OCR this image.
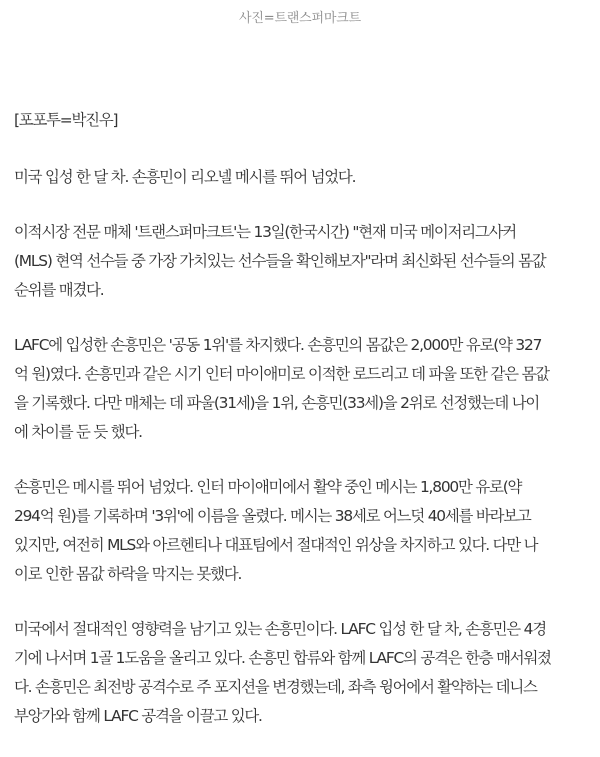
사진=트랜스퍼마크트

[포포투=박진우]

미국 입성 한 달 차. 손흥민이 리오넬 메시를 뛰어 넘었다.

이적시장 전문 매체 '트랜스퍼마크트'는 13일(한국시간) "현재 미국 메이저리그사커
(MLS) 현역 선수들 중 가장 가치있는 선수들을 확인해보자"라며 최신화된 선수들의 몸값
순위를 매겼다.

LAFC에 입성한 손흥민은 '공동 1위'를 차지했다. 손흥민의 몸값은 2,000만 유로(약 327
억 원)였다. 손흥민과 같은 시기 인터 마이애미로 이적한 로드리고 데 파울 또한 같은 몸값
을 기록했다. 다만 매체는 데 파울(31세)을 1위, 손흥민(33세)을 2위로 선정했는데 나이
에 차이를 둔 듯 했다.

손흥민은 메시를 뛰어 넘었다. 인터 마이애미에서 활약 중인 메시는 1,800만 유로(약
294억 원)를 기록하며 '3위'에 이름을 올렸다. 메시는 38세로 어느덧 40세를 바라보고
있지만, 여전히 MLS와 아르헨티나 대표팀에서 절대적인 위상을 차지하고 있다. 다만 나
이로 인한 몸값 하락을 막지는 못했다.

미국에서 절대적인 영향력을 남기고 있는 손흥민이다. LAFC 입성 한 달 차, 손흥민은 4경
기에 나서며 1골 1도움을 올리고 있다. 손흥민 합류와 함께 LAFC의 공격은 한층 매서워졌
다. 손흥민은 최전방 공격수로 주 포지션을 변경했는데, 좌측 윙어에서 활약하는 데니스
부앙가와 함께 LAFC 공격을 이끌고 있다.
